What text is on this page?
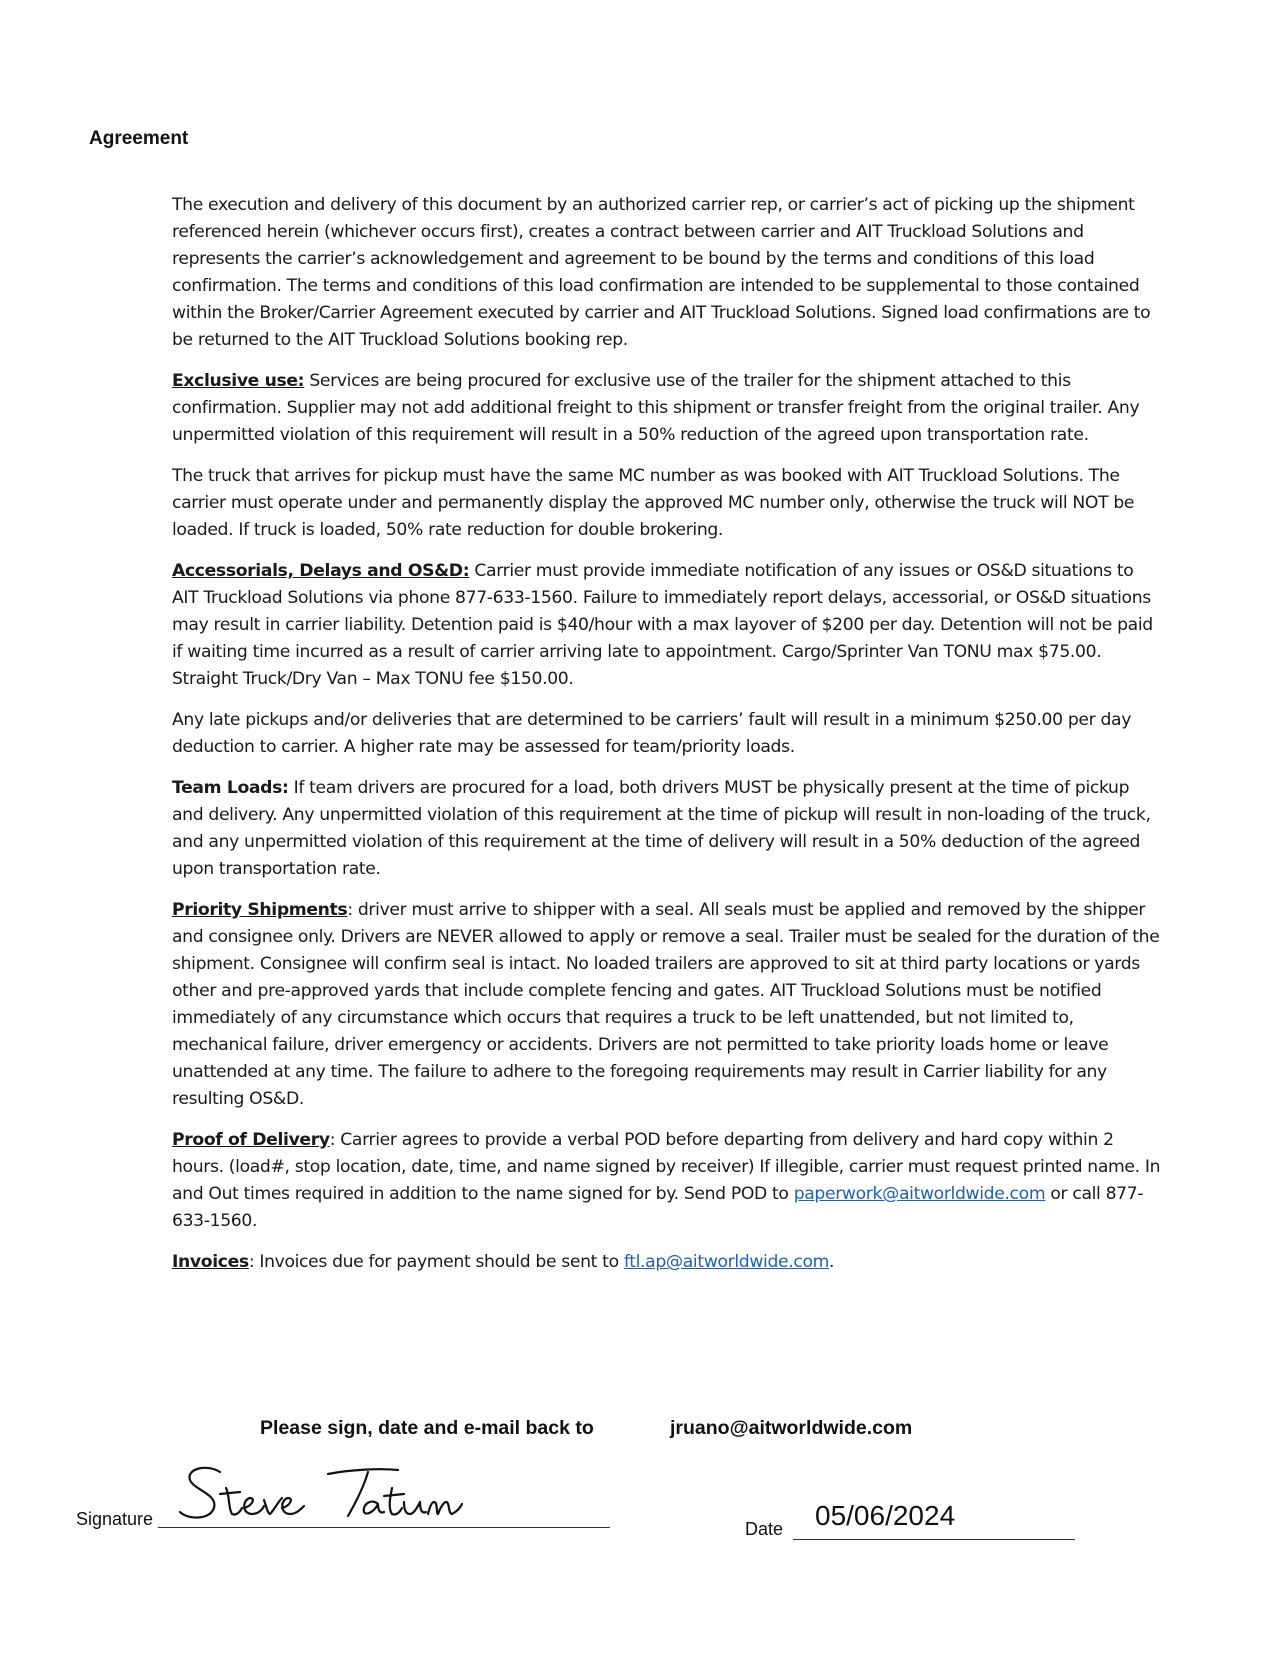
Agreement

The execution and delivery of this document by an authorized carrier rep, or carrier’s act of picking up the shipment referenced herein (whichever occurs first), creates a contract between carrier and AIT Truckload Solutions and represents the carrier’s acknowledgement and agreement to be bound by the terms and conditions of this load confirmation. The terms and conditions of this load confirmation are intended to be supplemental to those contained within the Broker/Carrier Agreement executed by carrier and AIT Truckload Solutions. Signed load confirmations are to be returned to the AIT Truckload Solutions booking rep.

Exclusive use: Services are being procured for exclusive use of the trailer for the shipment attached to this confirmation. Supplier may not add additional freight to this shipment or transfer freight from the original trailer. Any unpermitted violation of this requirement will result in a 50% reduction of the agreed upon transportation rate.

The truck that arrives for pickup must have the same MC number as was booked with AIT Truckload Solutions. The carrier must operate under and permanently display the approved MC number only, otherwise the truck will NOT be loaded. If truck is loaded, 50% rate reduction for double brokering.

Accessorials, Delays and OS&D: Carrier must provide immediate notification of any issues or OS&D situations to AIT Truckload Solutions via phone 877-633-1560. Failure to immediately report delays, accessorial, or OS&D situations may result in carrier liability. Detention paid is $40/hour with a max layover of $200 per day. Detention will not be paid if waiting time incurred as a result of carrier arriving late to appointment. Cargo/Sprinter Van TONU max $75.00. Straight Truck/Dry Van – Max TONU fee $150.00.

Any late pickups and/or deliveries that are determined to be carriers’ fault will result in a minimum $250.00 per day deduction to carrier. A higher rate may be assessed for team/priority loads.

Team Loads: If team drivers are procured for a load, both drivers MUST be physically present at the time of pickup and delivery. Any unpermitted violation of this requirement at the time of pickup will result in non-loading of the truck, and any unpermitted violation of this requirement at the time of delivery will result in a 50% deduction of the agreed upon transportation rate.

Priority Shipments: driver must arrive to shipper with a seal. All seals must be applied and removed by the shipper and consignee only. Drivers are NEVER allowed to apply or remove a seal. Trailer must be sealed for the duration of the shipment. Consignee will confirm seal is intact. No loaded trailers are approved to sit at third party locations or yards other and pre-approved yards that include complete fencing and gates. AIT Truckload Solutions must be notified immediately of any circumstance which occurs that requires a truck to be left unattended, but not limited to, mechanical failure, driver emergency or accidents. Drivers are not permitted to take priority loads home or leave unattended at any time. The failure to adhere to the foregoing requirements may result in Carrier liability for any resulting OS&D.

Proof of Delivery: Carrier agrees to provide a verbal POD before departing from delivery and hard copy within 2 hours. (load#, stop location, date, time, and name signed by receiver) If illegible, carrier must request printed name. In and Out times required in addition to the name signed for by. Send POD to paperwork@aitworldwide.com or call 877-633-1560.

Invoices: Invoices due for payment should be sent to ftl.ap@aitworldwide.com.

Please sign, date and e-mail back to	jruano@aitworldwide.com
Signature	Date 05/06/2024
